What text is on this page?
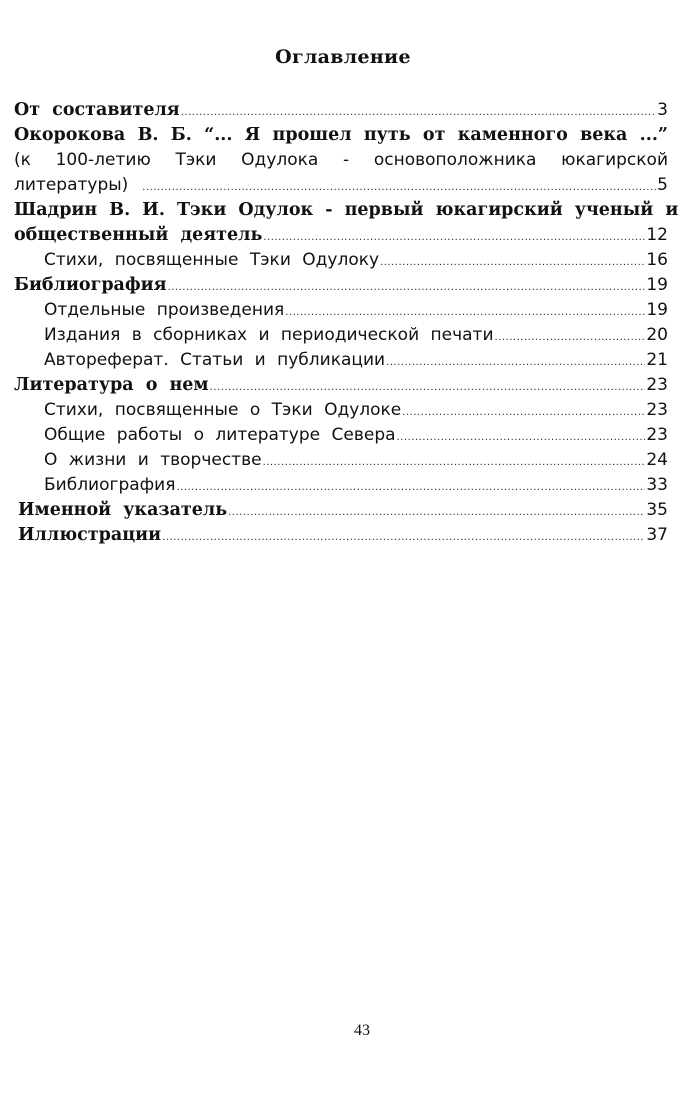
Оглавление
От составителя .....	3
Окорокова В. Б. “... Я прошел путь от каменного века ...”
(к 100-летию Тэки Одулока - основоположника юкагирской
литературы) .....	5
Шадрин В. И. Тэки Одулок - первый юкагирский ученый и
общественный деятель .....	12
Стихи, посвященные Тэки Одулоку .....	16
Библиография .....	19
Отдельные произведения .....	19
Издания в сборниках и периодической печати .....	20
Автореферат. Статьи и публикации .....	21
Литература о нем .....	23
Стихи, посвященные о Тэки Одулоке .....	23
Общие работы о литературе Севера .....	23
О жизни и творчестве .....	24
Библиография .....	33
Именной указатель .....	35
Иллюстрации .....	37
43
